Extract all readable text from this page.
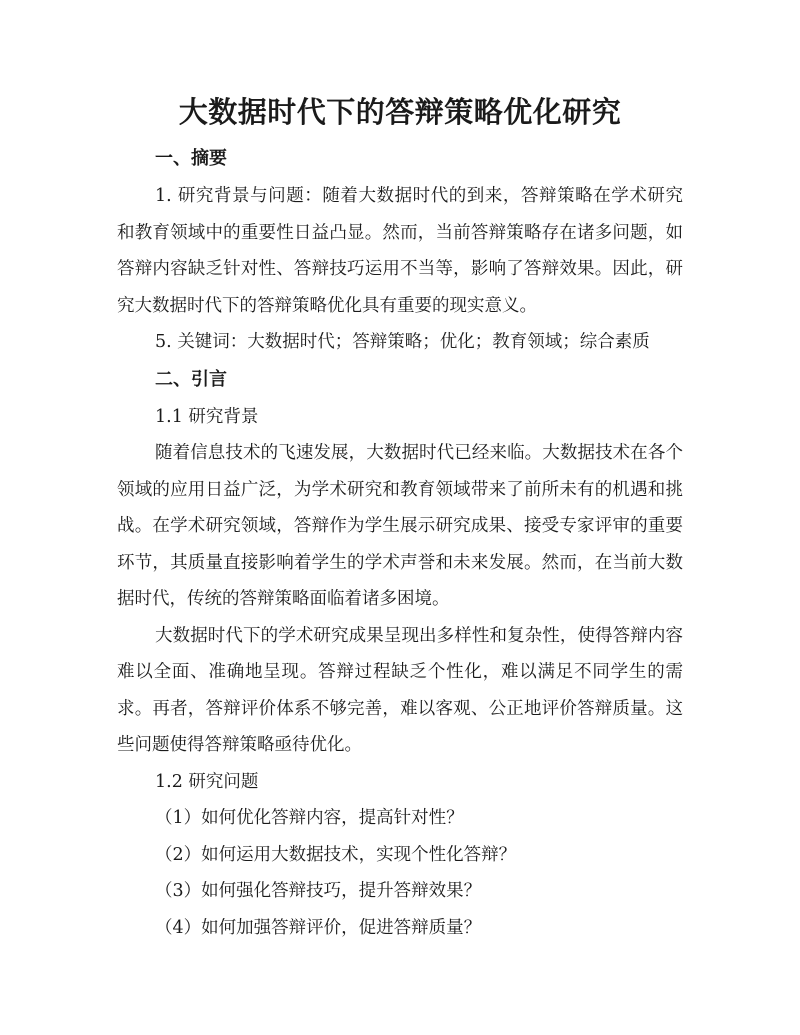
大数据时代下的答辩策略优化研究
一、摘要

1. 研究背景与问题：随着大数据时代的到来，答辩策略在学术研究和教育领域中的重要性日益凸显。然而，当前答辩策略存在诸多问题，如答辩内容缺乏针对性、答辩技巧运用不当等，影响了答辩效果。因此，研究大数据时代下的答辩策略优化具有重要的现实意义。

5. 关键词：大数据时代；答辩策略；优化；教育领域；综合素质

二、引言

1.1 研究背景

随着信息技术的飞速发展，大数据时代已经来临。大数据技术在各个领域的应用日益广泛，为学术研究和教育领域带来了前所未有的机遇和挑战。在学术研究领域，答辩作为学生展示研究成果、接受专家评审的重要环节，其质量直接影响着学生的学术声誉和未来发展。然而，在当前大数据时代，传统的答辩策略面临着诸多困境。

大数据时代下的学术研究成果呈现出多样性和复杂性，使得答辩内容难以全面、准确地呈现。答辩过程缺乏个性化，难以满足不同学生的需求。再者，答辩评价体系不够完善，难以客观、公正地评价答辩质量。这些问题使得答辩策略亟待优化。

1.2 研究问题

（1）如何优化答辩内容，提高针对性？

（2）如何运用大数据技术，实现个性化答辩？

（3）如何强化答辩技巧，提升答辩效果？

（4）如何加强答辩评价，促进答辩质量？
